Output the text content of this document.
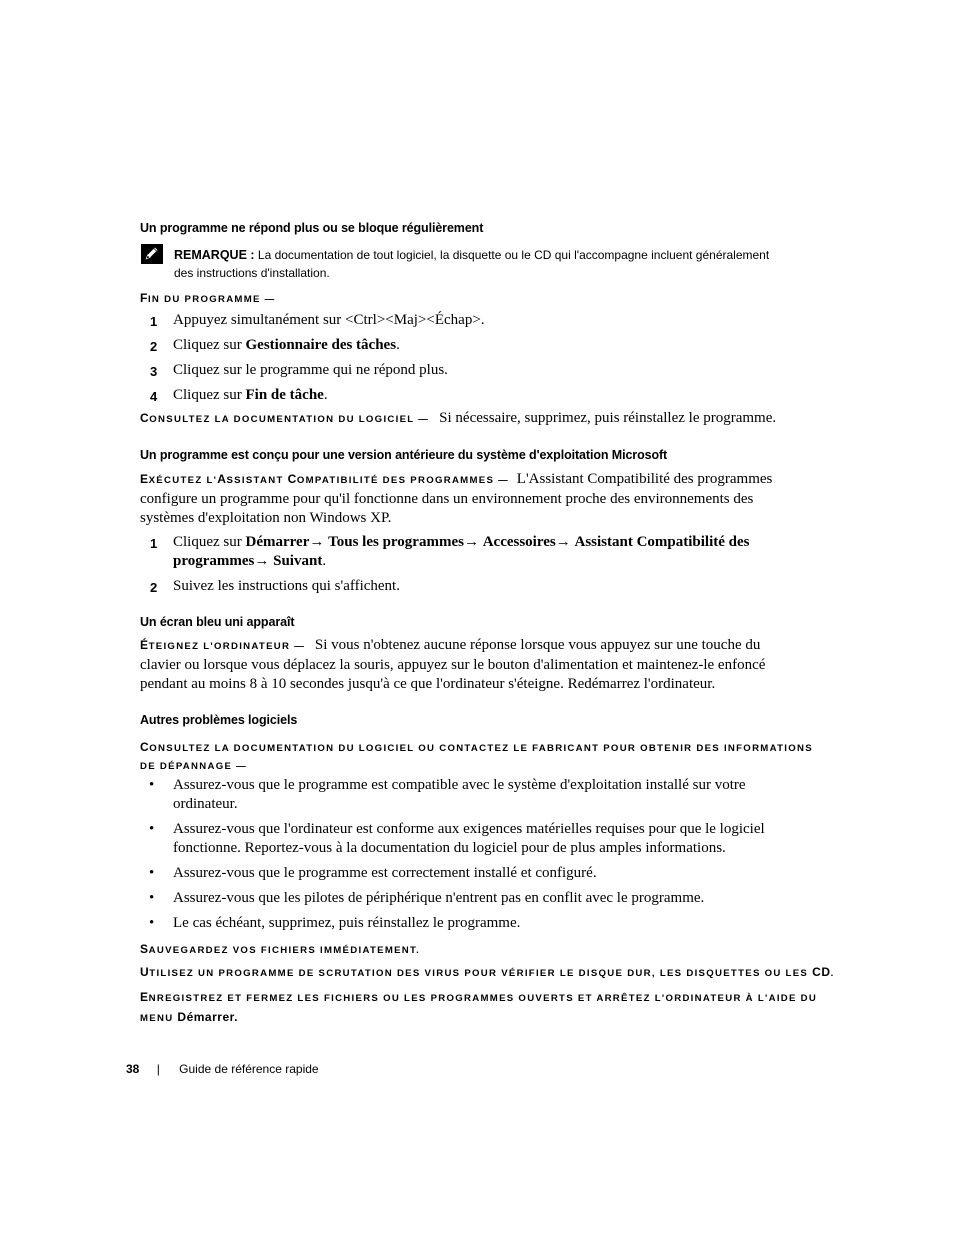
Un programme ne répond plus ou se bloque régulièrement
REMARQUE : La documentation de tout logiciel, la disquette ou le CD qui l'accompagne incluent généralement
des instructions d'installation.
FIN DU PROGRAMME —
1 Appuyez simultanément sur <Ctrl><Maj><Échap>.
2 Cliquez sur Gestionnaire des tâches.
3 Cliquez sur le programme qui ne répond plus.
4 Cliquez sur Fin de tâche.
CONSULTEZ LA DOCUMENTATION DU LOGICIEL — Si nécessaire, supprimez, puis réinstallez le programme.
Un programme est conçu pour une version antérieure du système d'exploitation Microsoft
EXÉCUTEZ L'ASSISTANT COMPATIBILITÉ DES PROGRAMMES — L'Assistant Compatibilité des programmes
configure un programme pour qu'il fonctionne dans un environnement proche des environnements des
systèmes d'exploitation non Windows XP.
1 Cliquez sur Démarrer→ Tous les programmes→ Accessoires→ Assistant Compatibilité des
programmes→ Suivant.
2 Suivez les instructions qui s'affichent.
Un écran bleu uni apparaît
ÉTEIGNEZ L'ORDINATEUR — Si vous n'obtenez aucune réponse lorsque vous appuyez sur une touche du
clavier ou lorsque vous déplacez la souris, appuyez sur le bouton d'alimentation et maintenez-le enfoncé
pendant au moins 8 à 10 secondes jusqu'à ce que l'ordinateur s'éteigne. Redémarrez l'ordinateur.
Autres problèmes logiciels
CONSULTEZ LA DOCUMENTATION DU LOGICIEL OU CONTACTEZ LE FABRICANT POUR OBTENIR DES INFORMATIONS
DE DÉPANNAGE —
• Assurez-vous que le programme est compatible avec le système d'exploitation installé sur votre
ordinateur.
• Assurez-vous que l'ordinateur est conforme aux exigences matérielles requises pour que le logiciel
fonctionne. Reportez-vous à la documentation du logiciel pour de plus amples informations.
• Assurez-vous que le programme est correctement installé et configuré.
• Assurez-vous que les pilotes de périphérique n'entrent pas en conflit avec le programme.
• Le cas échéant, supprimez, puis réinstallez le programme.
SAUVEGARDEZ VOS FICHIERS IMMÉDIATEMENT.
UTILISEZ UN PROGRAMME DE SCRUTATION DES VIRUS POUR VÉRIFIER LE DISQUE DUR, LES DISQUETTES OU LES CD.
ENREGISTREZ ET FERMEZ LES FICHIERS OU LES PROGRAMMES OUVERTS ET ARRÊTEZ L'ORDINATEUR À L'AIDE DU
MENU Démarrer.
38 | Guide de référence rapide
